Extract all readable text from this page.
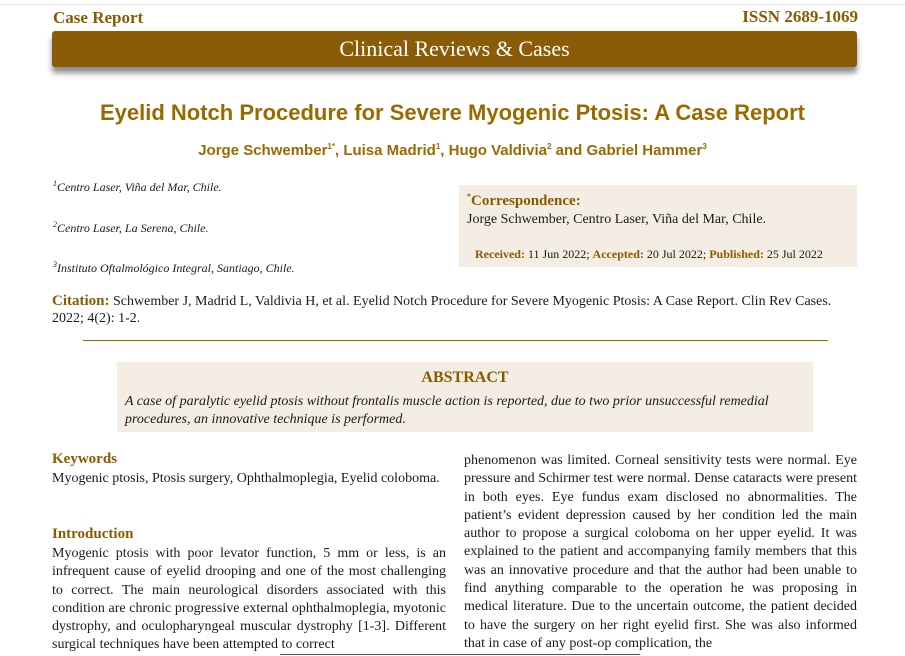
Case Report	ISSN 2689-1069
Clinical Reviews & Cases
Eyelid Notch Procedure for Severe Myogenic Ptosis: A Case Report
Jorge Schwember$^{1*}$, Luisa Madrid$^1$, Hugo Valdivia$^2$ and Gabriel Hammer$^3$
$^1$Centro Laser, Viña del Mar, Chile.
$^2$Centro Laser, La Serena, Chile.
$^3$Instituto Oftalmológico Integral, Santiago, Chile.
*Correspondence:
Jorge Schwember, Centro Laser, Viña del Mar, Chile.
Received: 11 Jun 2022; Accepted: 20 Jul 2022; Published: 25 Jul 2022
Citation: Schwember J, Madrid L, Valdivia H, et al. Eyelid Notch Procedure for Severe Myogenic Ptosis: A Case Report. Clin Rev Cases. 2022; 4(2): 1-2.
ABSTRACT
A case of paralytic eyelid ptosis without frontalis muscle action is reported, due to two prior unsuccessful remedial procedures, an innovative technique is performed.
Keywords
Myogenic ptosis, Ptosis surgery, Ophthalmoplegia, Eyelid coloboma.
Introduction
Myogenic ptosis with poor levator function, 5 mm or less, is an infrequent cause of eyelid drooping and one of the most challenging to correct. The main neurological disorders associated with this condition are chronic progressive external ophthalmoplegia, myotonic dystrophy, and oculopharyngeal muscular dystrophy [1-3]. Different surgical techniques have been attempted to correct
phenomenon was limited. Corneal sensitivity tests were normal. Eye pressure and Schirmer test were normal. Dense cataracts were present in both eyes. Eye fundus exam disclosed no abnormalities. The patient’s evident depression caused by her condition led the main author to propose a surgical coloboma on her upper eyelid. It was explained to the patient and accompanying family members that this was an innovative procedure and that the author had been unable to find anything comparable to the operation he was proposing in medical literature. Due to the uncertain outcome, the patient decided to have the surgery on her right eyelid first. She was also informed that in case of any post-op complication, the
